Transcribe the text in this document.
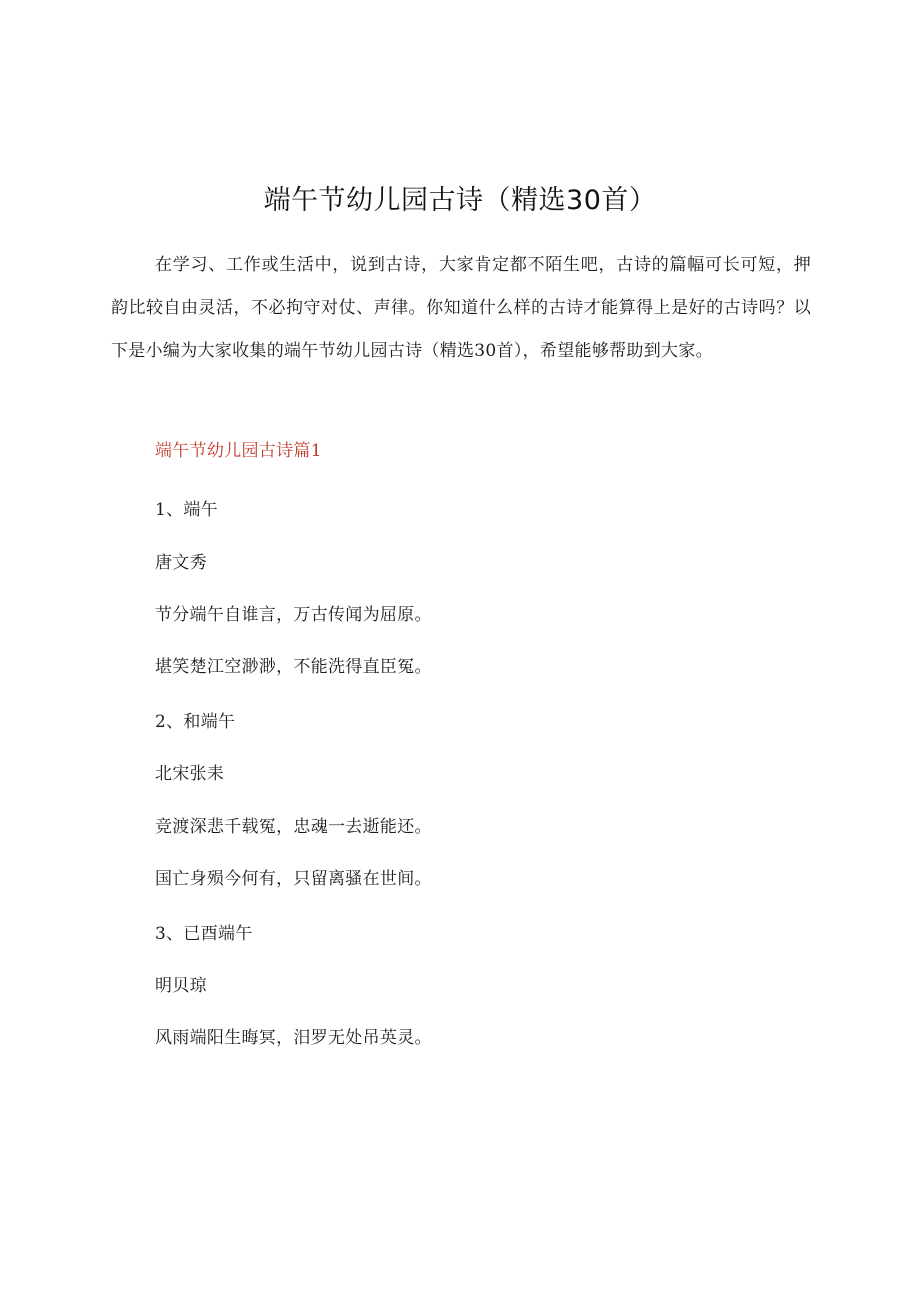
端午节幼儿园古诗（精选30首）

在学习、工作或生活中，说到古诗，大家肯定都不陌生吧，古诗的篇幅可长可短，押韵比较自由灵活，不必拘守对仗、声律。你知道什么样的古诗才能算得上是好的古诗吗？以下是小编为大家收集的端午节幼儿园古诗（精选30首），希望能够帮助到大家。

端午节幼儿园古诗篇1

1、端午

唐文秀

节分端午自谁言，万古传闻为屈原。

堪笑楚江空渺渺，不能洗得直臣冤。

2、和端午

北宋张耒

竞渡深悲千载冤，忠魂一去逝能还。

国亡身殒今何有，只留离骚在世间。

3、已酉端午

明贝琼

风雨端阳生晦冥，汨罗无处吊英灵。
